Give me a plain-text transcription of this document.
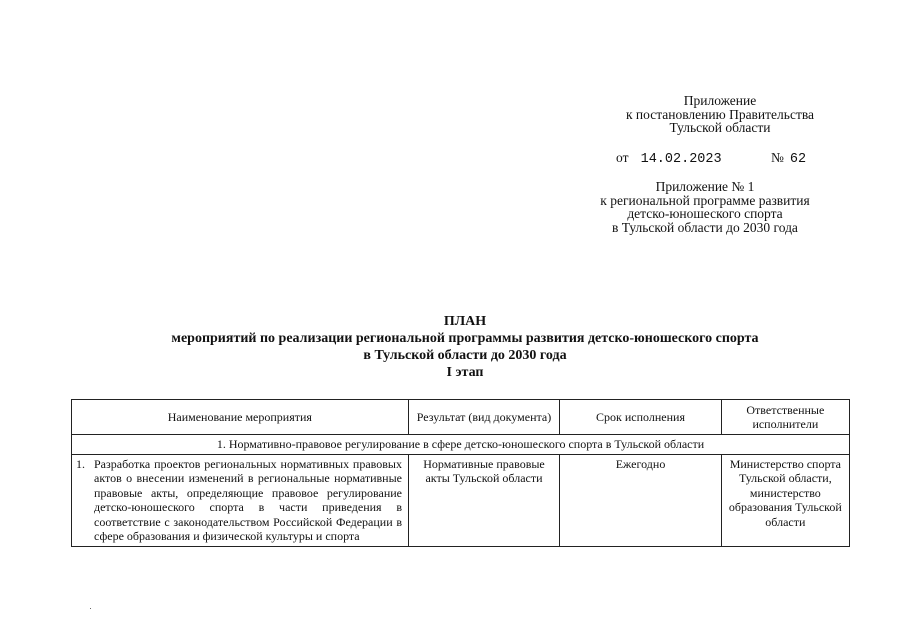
Приложение
к постановлению Правительства
Тульской области
от 14.02.2023	№ 62
Приложение № 1
к региональной программе развития
детско-юношеского спорта
в Тульской области до 2030 года
ПЛАН
мероприятий по реализации региональной программы развития детско-юношеского спорта
в Тульской области до 2030 года
I этап
Наименование мероприятия	Результат (вид документа)	Срок исполнения	Ответственные исполнители
1. Нормативно-правовое регулирование в сфере детско-юношеского спорта в Тульской области			
1. Разработка проектов региональных нормативных правовых актов о внесении изменений в региональные нормативные правовые акты, определяющие правовое регулирование детско-юношеского спорта в части приведения в соответствие с законодательством Российской Федерации в сфере образования и физической культуры и спорта	Нормативные правовые акты Тульской области	Ежегодно	Министерство спорта Тульской области, министерство образования Тульской области
